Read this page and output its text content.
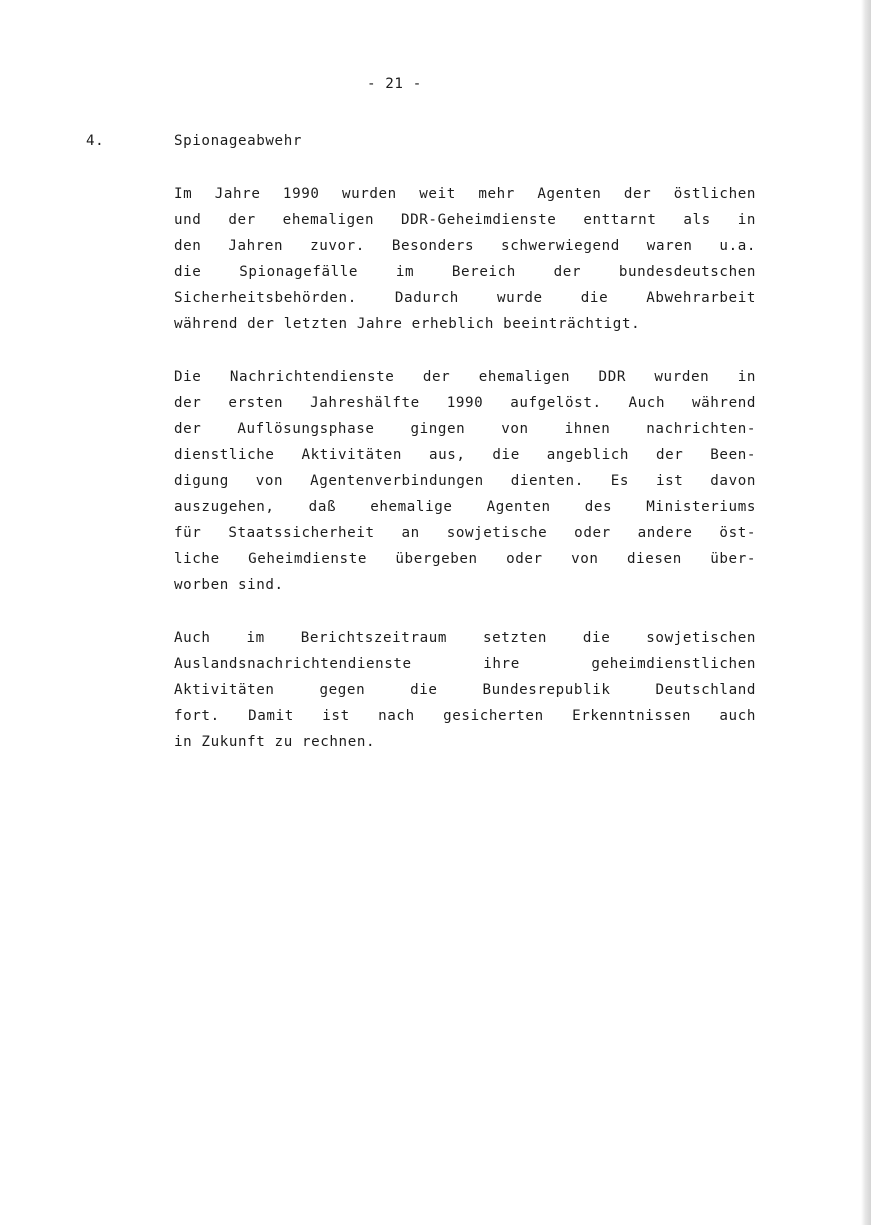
- 21 -
4.	Spionageabwehr
Im Jahre 1990 wurden weit mehr Agenten der östlichen
und der ehemaligen DDR-Geheimdienste enttarnt als in
den Jahren zuvor. Besonders schwerwiegend waren u.a.
die Spionagefälle im Bereich der bundesdeutschen
Sicherheitsbehörden. Dadurch wurde die Abwehrarbeit
während der letzten Jahre erheblich beeinträchtigt.
Die Nachrichtendienste der ehemaligen DDR wurden in
der ersten Jahreshälfte 1990 aufgelöst. Auch während
der Auflösungsphase gingen von ihnen nachrichten-
dienstliche Aktivitäten aus, die angeblich der Been-
digung von Agentenverbindungen dienten. Es ist davon
auszugehen, daß ehemalige Agenten des Ministeriums
für Staatssicherheit an sowjetische oder andere öst-
liche Geheimdienste übergeben oder von diesen über-
worben sind.
Auch im Berichtszeitraum setzten die sowjetischen
Auslandsnachrichtendienste ihre geheimdienstlichen
Aktivitäten gegen die Bundesrepublik Deutschland
fort. Damit ist nach gesicherten Erkenntnissen auch
in Zukunft zu rechnen.
